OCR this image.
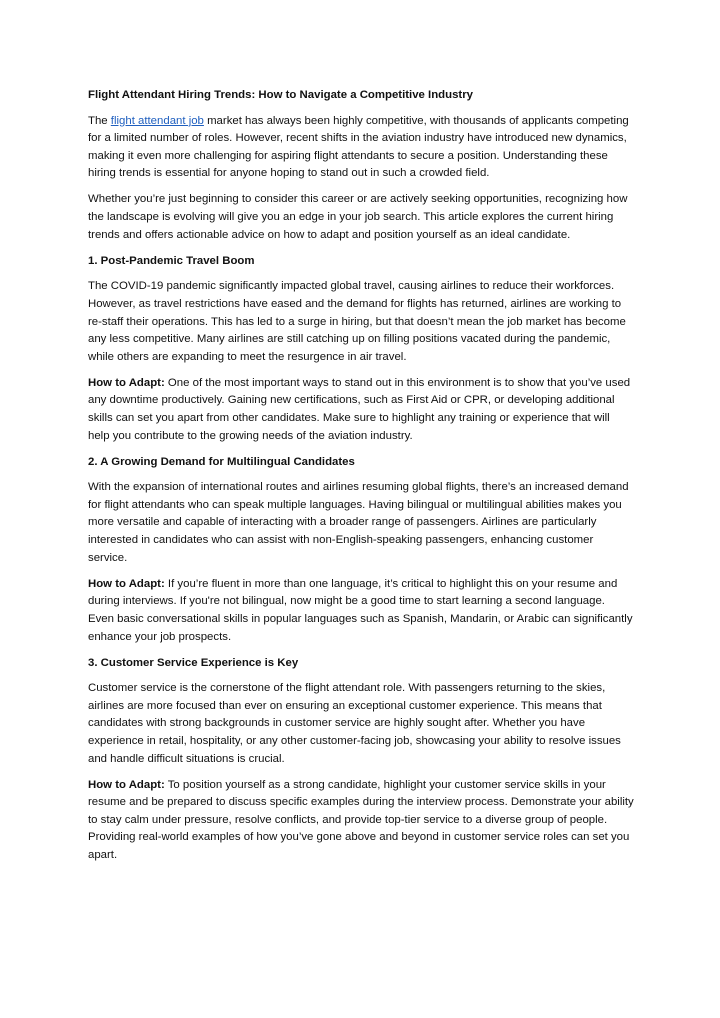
Flight Attendant Hiring Trends: How to Navigate a Competitive Industry

The flight attendant job market has always been highly competitive, with thousands of applicants competing for a limited number of roles. However, recent shifts in the aviation industry have introduced new dynamics, making it even more challenging for aspiring flight attendants to secure a position. Understanding these hiring trends is essential for anyone hoping to stand out in such a crowded field.

Whether you’re just beginning to consider this career or are actively seeking opportunities, recognizing how the landscape is evolving will give you an edge in your job search. This article explores the current hiring trends and offers actionable advice on how to adapt and position yourself as an ideal candidate.

1. Post-Pandemic Travel Boom

The COVID-19 pandemic significantly impacted global travel, causing airlines to reduce their workforces. However, as travel restrictions have eased and the demand for flights has returned, airlines are working to re-staff their operations. This has led to a surge in hiring, but that doesn’t mean the job market has become any less competitive. Many airlines are still catching up on filling positions vacated during the pandemic, while others are expanding to meet the resurgence in air travel.

How to Adapt: One of the most important ways to stand out in this environment is to show that you’ve used any downtime productively. Gaining new certifications, such as First Aid or CPR, or developing additional skills can set you apart from other candidates. Make sure to highlight any training or experience that will help you contribute to the growing needs of the aviation industry.

2. A Growing Demand for Multilingual Candidates

With the expansion of international routes and airlines resuming global flights, there’s an increased demand for flight attendants who can speak multiple languages. Having bilingual or multilingual abilities makes you more versatile and capable of interacting with a broader range of passengers. Airlines are particularly interested in candidates who can assist with non-English-speaking passengers, enhancing customer service.

How to Adapt: If you’re fluent in more than one language, it’s critical to highlight this on your resume and during interviews. If you're not bilingual, now might be a good time to start learning a second language. Even basic conversational skills in popular languages such as Spanish, Mandarin, or Arabic can significantly enhance your job prospects.

3. Customer Service Experience is Key

Customer service is the cornerstone of the flight attendant role. With passengers returning to the skies, airlines are more focused than ever on ensuring an exceptional customer experience. This means that candidates with strong backgrounds in customer service are highly sought after. Whether you have experience in retail, hospitality, or any other customer-facing job, showcasing your ability to resolve issues and handle difficult situations is crucial.

How to Adapt: To position yourself as a strong candidate, highlight your customer service skills in your resume and be prepared to discuss specific examples during the interview process. Demonstrate your ability to stay calm under pressure, resolve conflicts, and provide top-tier service to a diverse group of people. Providing real-world examples of how you’ve gone above and beyond in customer service roles can set you apart.
